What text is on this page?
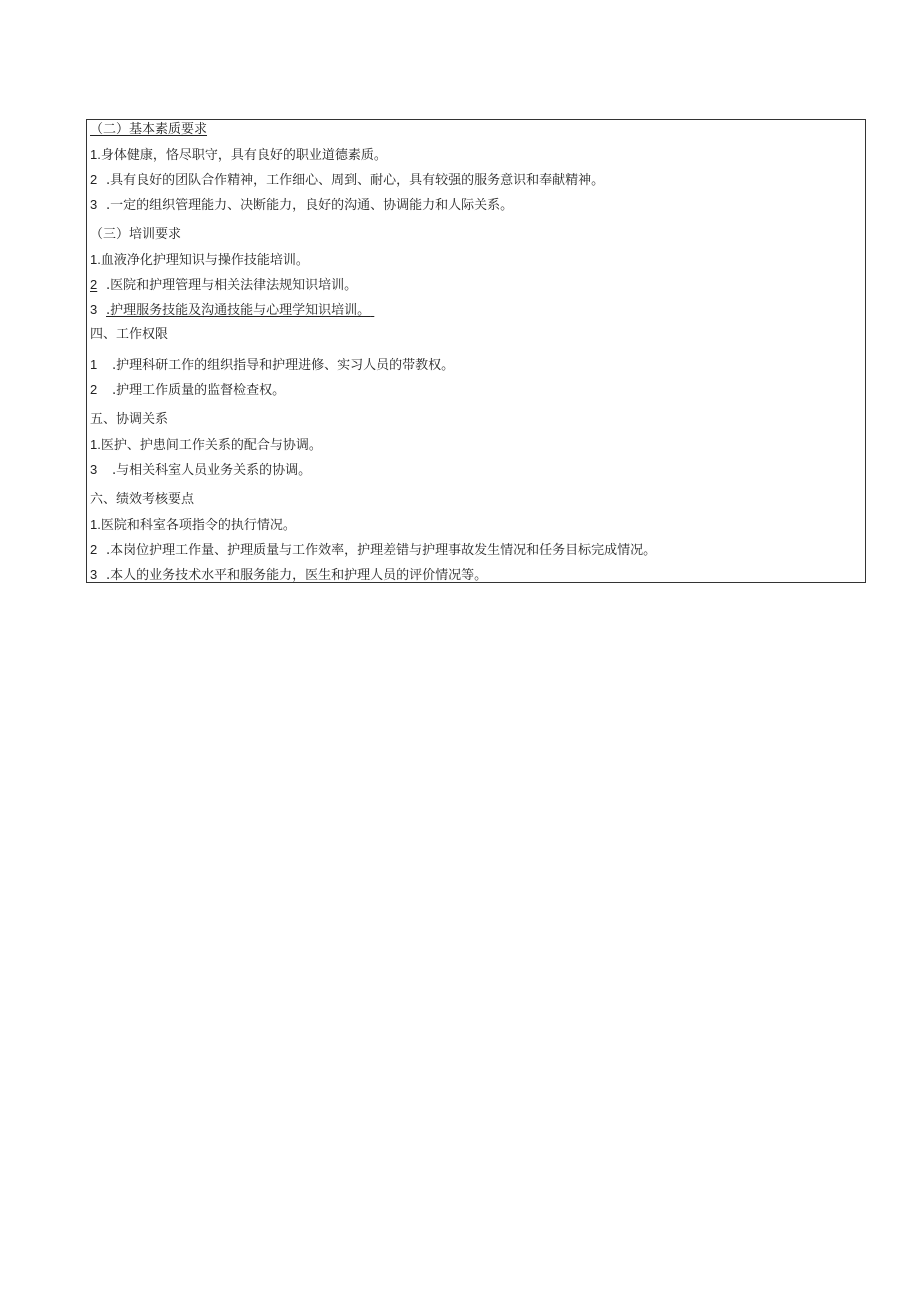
（二）基本素质要求
1.身体健康，恪尽职守，具有良好的职业道德素质。
2 .具有良好的团队合作精神，工作细心、周到、耐心，具有较强的服务意识和奉献精神。
3 .一定的组织管理能力、决断能力，良好的沟通、协调能力和人际关系。
（三）培训要求
1.血液净化护理知识与操作技能培训。
2 .医院和护理管理与相关法律法规知识培训。
3 .护理服务技能及沟通技能与心理学知识培训。
四、工作权限
1 .护理科研工作的组织指导和护理进修、实习人员的带教权。
2 .护理工作质量的监督检查权。
五、协调关系
1.医护、护患间工作关系的配合与协调。
3 .与相关科室人员业务关系的协调。
六、绩效考核要点
1.医院和科室各项指令的执行情况。
2 .本岗位护理工作量、护理质量与工作效率，护理差错与护理事故发生情况和任务目标完成情况。
3 .本人的业务技术水平和服务能力，医生和护理人员的评价情况等。
